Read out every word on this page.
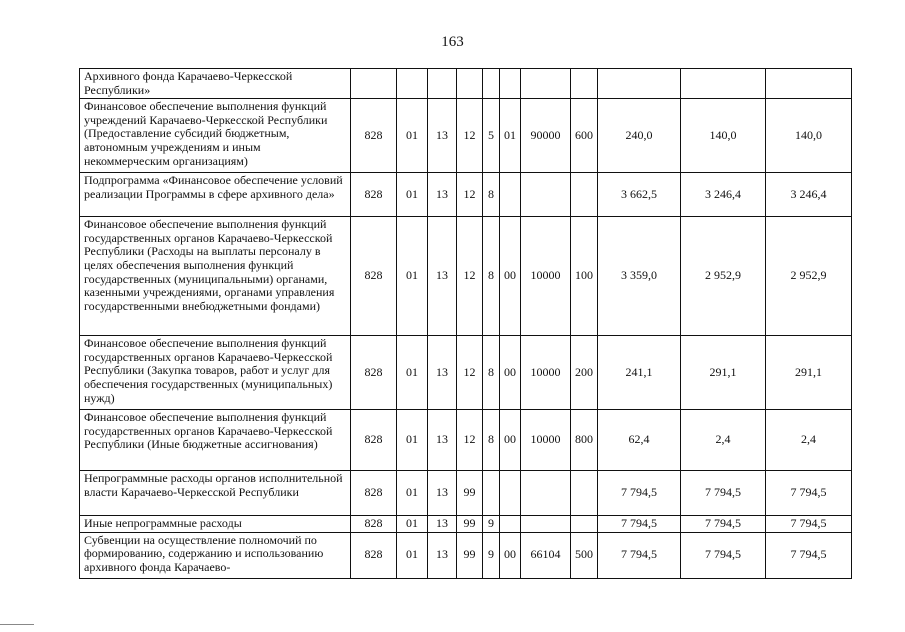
163
Архивного фонда Карачаево-Черкесской Республики»											
Финансовое обеспечение выполнения функций учреждений Карачаево-Черкесской Республики (Предоставление субсидий бюджетным, автономным учреждениям и иным некоммерческим организациям)	828	01	13	12	5	01	90000	600	240,0	140,0	140,0
Подпрограмма «Финансовое обеспечение условий реализации Программы в сфере архивного дела»	828	01	13	12	8				3 662,5	3 246,4	3 246,4
Финансовое обеспечение выполнения функций государственных органов Карачаево-Черкесской Республики (Расходы на выплаты персоналу в целях обеспечения выполнения функций государственных (муниципальными) органами, казенными учреждениями, органами управления государственными внебюджетными фондами)	828	01	13	12	8	00	10000	100	3 359,0	2 952,9	2 952,9
Финансовое обеспечение выполнения функций государственных органов Карачаево-Черкесской Республики (Закупка товаров, работ и услуг для обеспечения государственных (муниципальных) нужд)	828	01	13	12	8	00	10000	200	241,1	291,1	291,1
Финансовое обеспечение выполнения функций государственных органов Карачаево-Черкесской Республики (Иные бюджетные ассигнования)	828	01	13	12	8	00	10000	800	62,4	2,4	2,4
Непрограммные расходы органов исполнительной власти Карачаево-Черкесской Республики	828	01	13	99					7 794,5	7 794,5	7 794,5
Иные непрограммные расходы	828	01	13	99	9				7 794,5	7 794,5	7 794,5
Субвенции на осуществление полномочий по формированию, содержанию и использованию архивного фонда Карачаево-	828	01	13	99	9	00	66104	500	7 794,5	7 794,5	7 794,5
